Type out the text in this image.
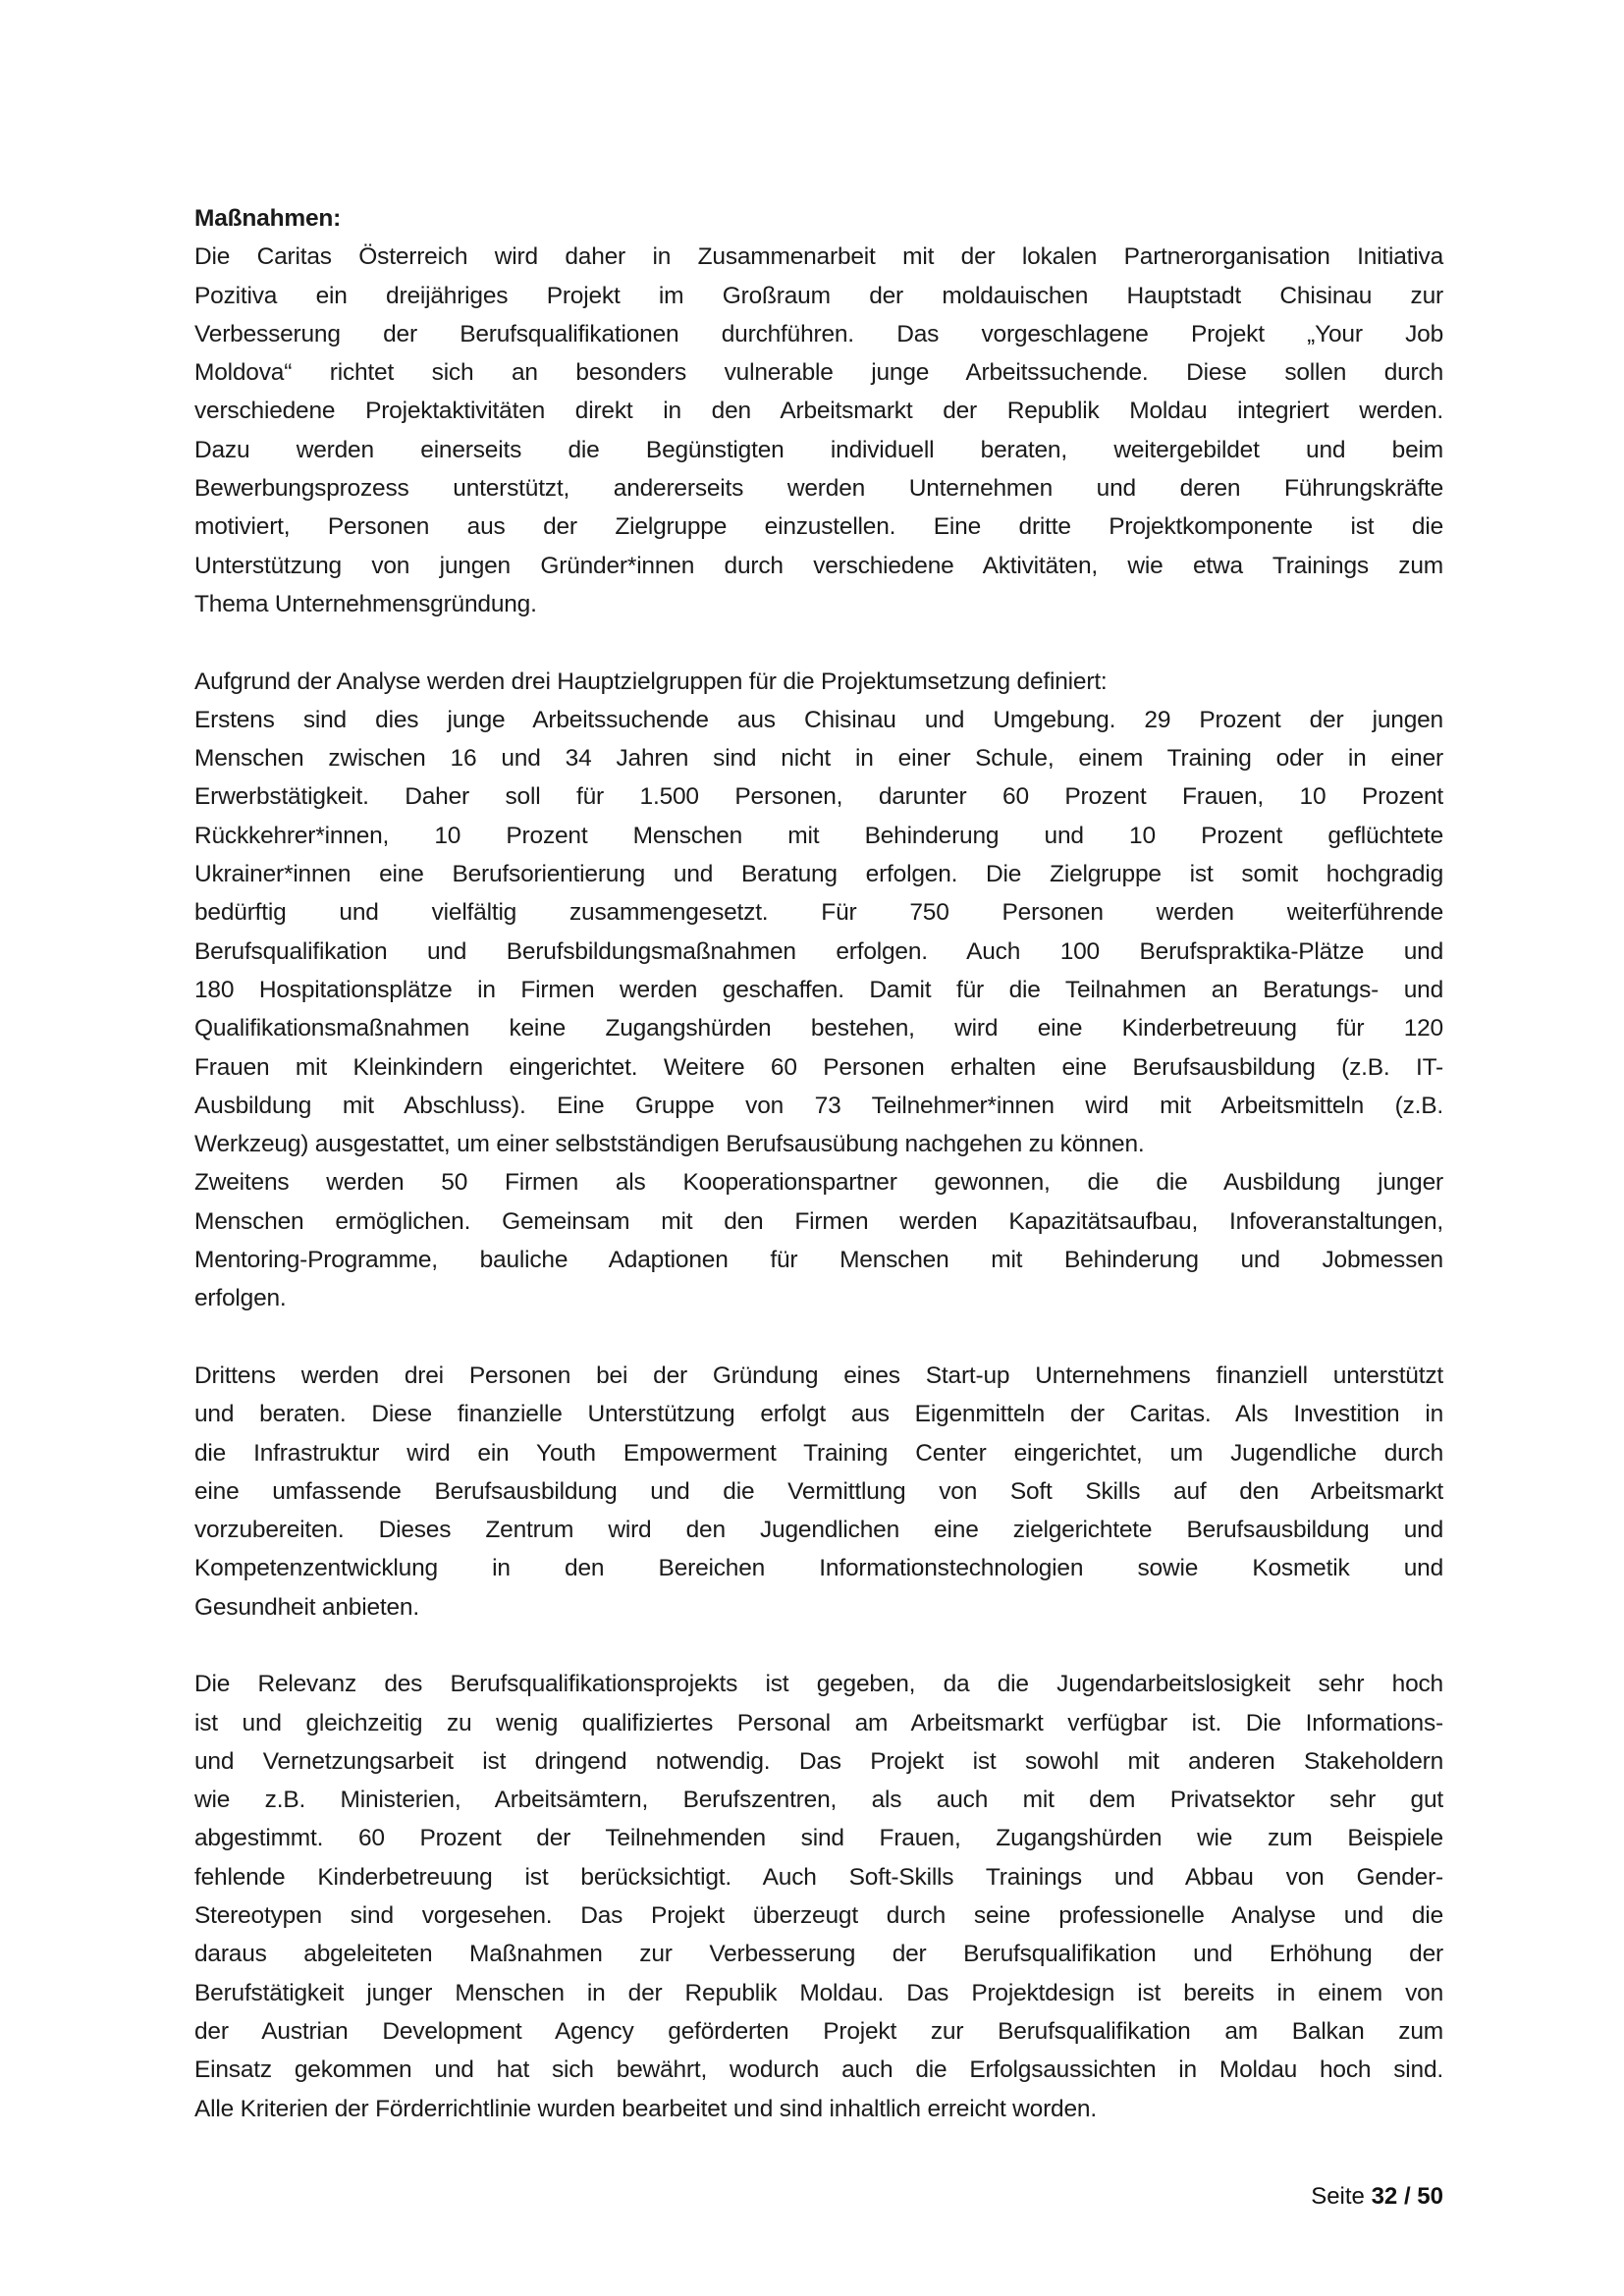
Maßnahmen:
Die Caritas Österreich wird daher in Zusammenarbeit mit der lokalen Partnerorganisation Initiativa
Pozitiva ein dreijähriges Projekt im Großraum der moldauischen Hauptstadt Chisinau zur
Verbesserung der Berufsqualifikationen durchführen. Das vorgeschlagene Projekt „Your Job
Moldova“ richtet sich an besonders vulnerable junge Arbeitssuchende. Diese sollen durch
verschiedene Projektaktivitäten direkt in den Arbeitsmarkt der Republik Moldau integriert werden.
Dazu werden einerseits die Begünstigten individuell beraten, weitergebildet und beim
Bewerbungsprozess unterstützt, andererseits werden Unternehmen und deren Führungskräfte
motiviert, Personen aus der Zielgruppe einzustellen. Eine dritte Projektkomponente ist die
Unterstützung von jungen Gründer*innen durch verschiedene Aktivitäten, wie etwa Trainings zum
Thema Unternehmensgründung.
Aufgrund der Analyse werden drei Hauptzielgruppen für die Projektumsetzung definiert:
Erstens sind dies junge Arbeitssuchende aus Chisinau und Umgebung. 29 Prozent der jungen
Menschen zwischen 16 und 34 Jahren sind nicht in einer Schule, einem Training oder in einer
Erwerbstätigkeit. Daher soll für 1.500 Personen, darunter 60 Prozent Frauen, 10 Prozent
Rückkehrer*innen, 10 Prozent Menschen mit Behinderung und 10 Prozent geflüchtete
Ukrainer*innen eine Berufsorientierung und Beratung erfolgen. Die Zielgruppe ist somit hochgradig
bedürftig und vielfältig zusammengesetzt. Für 750 Personen werden weiterführende
Berufsqualifikation und Berufsbildungsmaßnahmen erfolgen. Auch 100 Berufspraktika-Plätze und
180 Hospitationsplätze in Firmen werden geschaffen. Damit für die Teilnahmen an Beratungs- und
Qualifikationsmaßnahmen keine Zugangshürden bestehen, wird eine Kinderbetreuung für 120
Frauen mit Kleinkindern eingerichtet. Weitere 60 Personen erhalten eine Berufsausbildung (z.B. IT-
Ausbildung mit Abschluss). Eine Gruppe von 73 Teilnehmer*innen wird mit Arbeitsmitteln (z.B.
Werkzeug) ausgestattet, um einer selbstständigen Berufsausübung nachgehen zu können.
Zweitens werden 50 Firmen als Kooperationspartner gewonnen, die die Ausbildung junger
Menschen ermöglichen. Gemeinsam mit den Firmen werden Kapazitätsaufbau, Infoveranstaltungen,
Mentoring-Programme, bauliche Adaptionen für Menschen mit Behinderung und Jobmessen
erfolgen.
Drittens werden drei Personen bei der Gründung eines Start-up Unternehmens finanziell unterstützt
und beraten. Diese finanzielle Unterstützung erfolgt aus Eigenmitteln der Caritas. Als Investition in
die Infrastruktur wird ein Youth Empowerment Training Center eingerichtet, um Jugendliche durch
eine umfassende Berufsausbildung und die Vermittlung von Soft Skills auf den Arbeitsmarkt
vorzubereiten. Dieses Zentrum wird den Jugendlichen eine zielgerichtete Berufsausbildung und
Kompetenzentwicklung in den Bereichen Informationstechnologien sowie Kosmetik und
Gesundheit anbieten.
Die Relevanz des Berufsqualifikationsprojekts ist gegeben, da die Jugendarbeitslosigkeit sehr hoch
ist und gleichzeitig zu wenig qualifiziertes Personal am Arbeitsmarkt verfügbar ist. Die Informations-
und Vernetzungsarbeit ist dringend notwendig. Das Projekt ist sowohl mit anderen Stakeholdern
wie z.B. Ministerien, Arbeitsämtern, Berufszentren, als auch mit dem Privatsektor sehr gut
abgestimmt. 60 Prozent der Teilnehmenden sind Frauen, Zugangshürden wie zum Beispiele
fehlende Kinderbetreuung ist berücksichtigt. Auch Soft-Skills Trainings und Abbau von Gender-
Stereotypen sind vorgesehen. Das Projekt überzeugt durch seine professionelle Analyse und die
daraus abgeleiteten Maßnahmen zur Verbesserung der Berufsqualifikation und Erhöhung der
Berufstätigkeit junger Menschen in der Republik Moldau. Das Projektdesign ist bereits in einem von
der Austrian Development Agency geförderten Projekt zur Berufsqualifikation am Balkan zum
Einsatz gekommen und hat sich bewährt, wodurch auch die Erfolgsaussichten in Moldau hoch sind.
Alle Kriterien der Förderrichtlinie wurden bearbeitet und sind inhaltlich erreicht worden.
Seite 32 / 50
